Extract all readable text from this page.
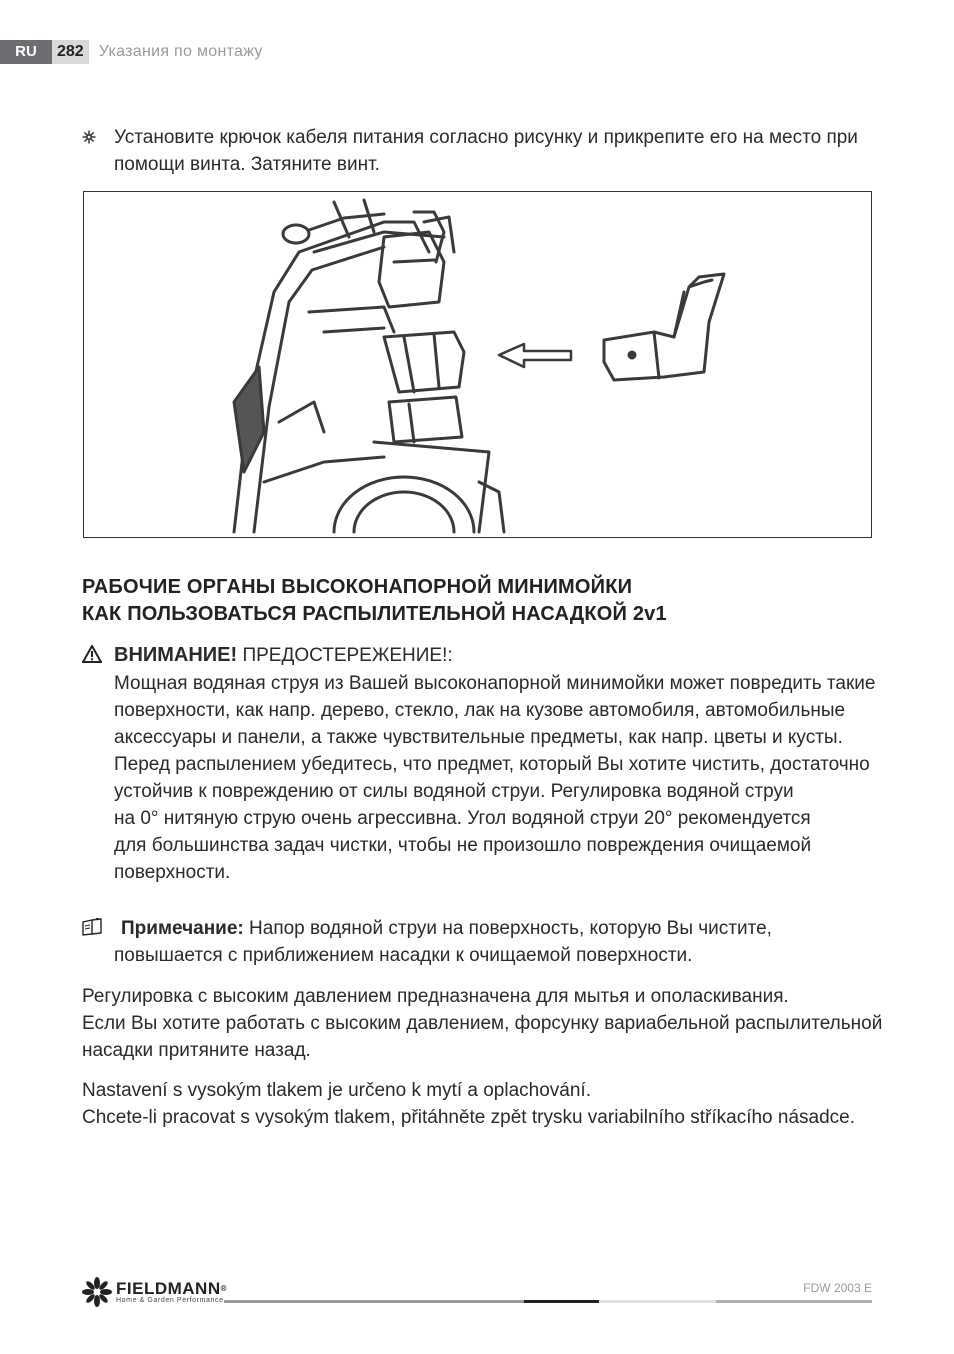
RU	282 Указания по монтажу
Установите крючок кабеля питания согласно рисунку и прикрепите его на место при
помощи винта. Затяните винт.
РАБОЧИЕ ОРГАНЫ ВЫСОКОНАПОРНОЙ МИНИМОЙКИ
КАК ПОЛЬЗОВАТЬСЯ РАСПЫЛИТЕЛЬНОЙ НАСАДКОЙ 2v1
ВНИМАНИЕ! ПРЕДОСТЕРЕЖЕНИЕ!:
Мощная водяная струя из Вашей высоконапорной минимойки может повредить такие
поверхности, как напр. дерево, стекло, лак на кузове автомобиля, автомобильные
аксессуары и панели, а также чувствительные предметы, как напр. цветы и кусты.
Перед распылением убедитесь, что предмет, который Вы хотите чистить, достаточно
устойчив к повреждению от силы водяной струи. Регулировка водяной струи
на 0° нитяную струю очень агрессивна. Угол водяной струи 20° рекомендуется
для большинства задач чистки, чтобы не произошло повреждения очищаемой
поверхности.
Примечание: Напор водяной струи на поверхность, которую Вы чистите,
повышается с приближением насадки к очищаемой поверхности.
Регулировка с высоким давлением предназначена для мытья и ополаскивания.
Если Вы хотите работать с высоким давлением, форсунку вариабельной распылительной
насадки притяните назад.
Nastavení s vysokým tlakem je určeno k mytí a oplachování.
Chcete-li pracovat s vysokým tlakem, přitáhněte zpět trysku variabilního stříkacího násadce.
FIELDMANN®
Home & Garden Performance
FDW 2003 E
